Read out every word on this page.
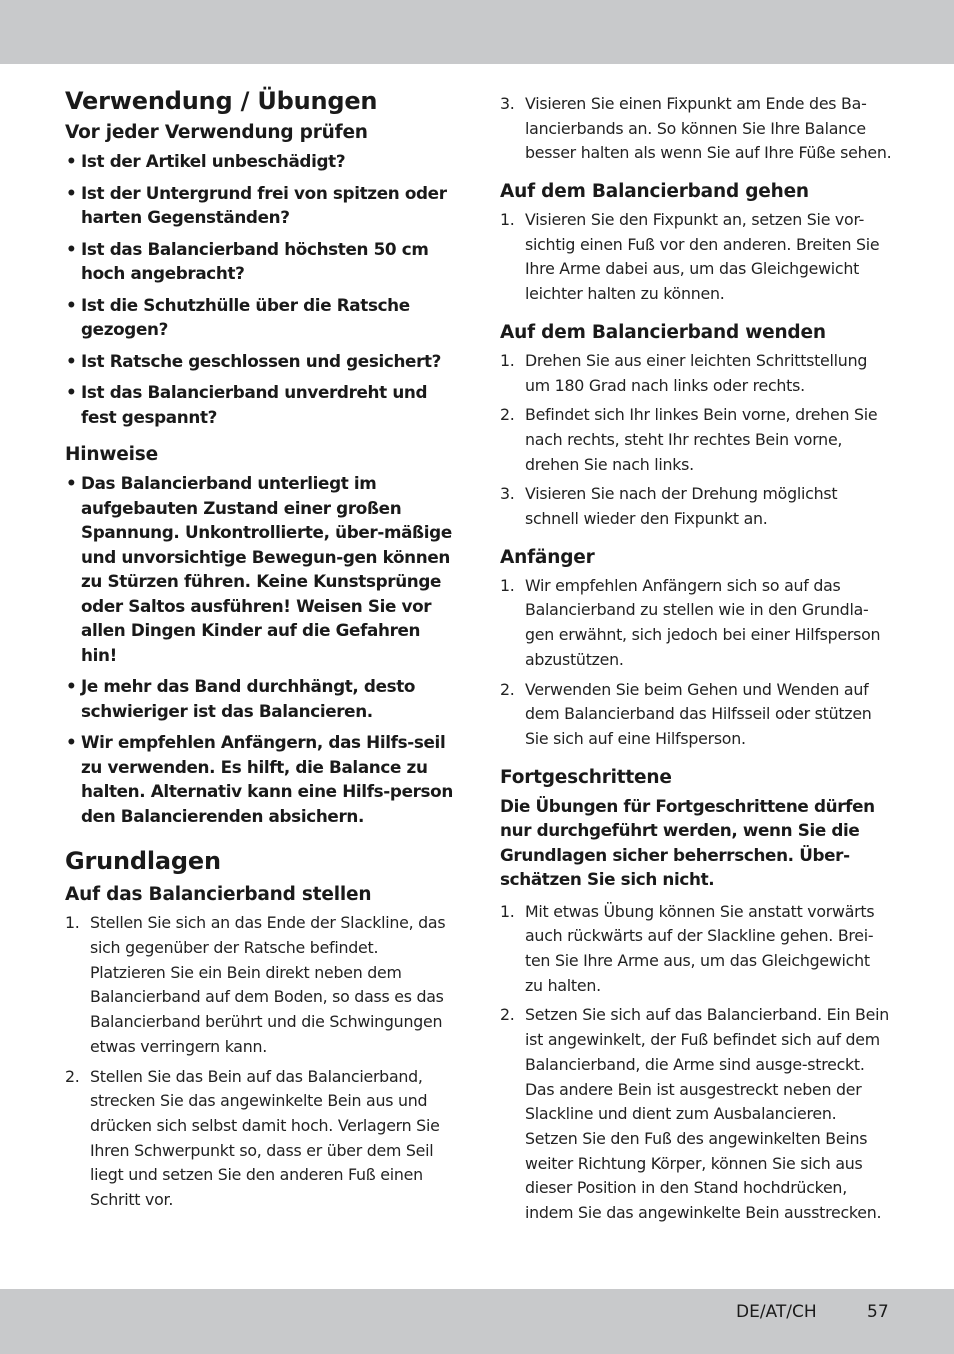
Verwendung / Übungen
Vor jeder Verwendung prüfen
• Ist der Artikel unbeschädigt?
• Ist der Untergrund frei von spitzen oder harten Gegenständen?
• Ist das Balancierband höchsten 50 cm hoch angebracht?
• Ist die Schutzhülle über die Ratsche gezogen?
• Ist Ratsche geschlossen und gesichert?
• Ist das Balancierband unverdreht und fest gespannt?
Hinweise
• Das Balancierband unterliegt im aufgebauten Zustand einer großen Spannung. Unkontrollierte, über-mäßige und unvorsichtige Bewegun-gen können zu Stürzen führen. Keine Kunstsprünge oder Saltos ausführen! Weisen Sie vor allen Dingen Kinder auf die Gefahren hin!
• Je mehr das Band durchhängt, desto schwieriger ist das Balancieren.
• Wir empfehlen Anfängern, das Hilfs-seil zu verwenden. Es hilft, die Balance zu halten. Alternativ kann eine Hilfs-person den Balancierenden absichern.
Grundlagen
Auf das Balancierband stellen
1. Stellen Sie sich an das Ende der Slackline, das sich gegenüber der Ratsche befindet. Platzieren Sie ein Bein direkt neben dem Balancierband auf dem Boden, so dass es das Balancierband berührt und die Schwingungen etwas verringern kann.
2. Stellen Sie das Bein auf das Balancierband, strecken Sie das angewinkelte Bein aus und drücken sich selbst damit hoch. Verlagern Sie Ihren Schwerpunkt so, dass er über dem Seil liegt und setzen Sie den anderen Fuß einen Schritt vor.
3. Visieren Sie einen Fixpunkt am Ende des Ba-lancierbands an. So können Sie Ihre Balance besser halten als wenn Sie auf Ihre Füße sehen.
Auf dem Balancierband gehen
1. Visieren Sie den Fixpunkt an, setzen Sie vor-sichtig einen Fuß vor den anderen. Breiten Sie Ihre Arme dabei aus, um das Gleichgewicht leichter halten zu können.
Auf dem Balancierband wenden
1. Drehen Sie aus einer leichten Schrittstellung um 180 Grad nach links oder rechts.
2. Befindet sich Ihr linkes Bein vorne, drehen Sie nach rechts, steht Ihr rechtes Bein vorne, drehen Sie nach links.
3. Visieren Sie nach der Drehung möglichst schnell wieder den Fixpunkt an.
Anfänger
1. Wir empfehlen Anfängern sich so auf das Balancierband zu stellen wie in den Grundla-gen erwähnt, sich jedoch bei einer Hilfsperson abzustützen.
2. Verwenden Sie beim Gehen und Wenden auf dem Balancierband das Hilfsseil oder stützen Sie sich auf eine Hilfsperson.
Fortgeschrittene

Die Übungen für Fortgeschrittene dürfen nur durchgeführt werden, wenn Sie die Grundlagen sicher beherrschen. Über-schätzen Sie sich nicht.

1. Mit etwas Übung können Sie anstatt vorwärts auch rückwärts auf der Slackline gehen. Brei-ten Sie Ihre Arme aus, um das Gleichgewicht zu halten.
2. Setzen Sie sich auf das Balancierband. Ein Bein ist angewinkelt, der Fuß befindet sich auf dem Balancierband, die Arme sind ausge-streckt. Das andere Bein ist ausgestreckt neben der Slackline und dient zum Ausbalancieren. Setzen Sie den Fuß des angewinkelten Beins weiter Richtung Körper, können Sie sich aus dieser Position in den Stand hochdrücken, indem Sie das angewinkelte Bein ausstrecken.
DE/AT/CH	57
